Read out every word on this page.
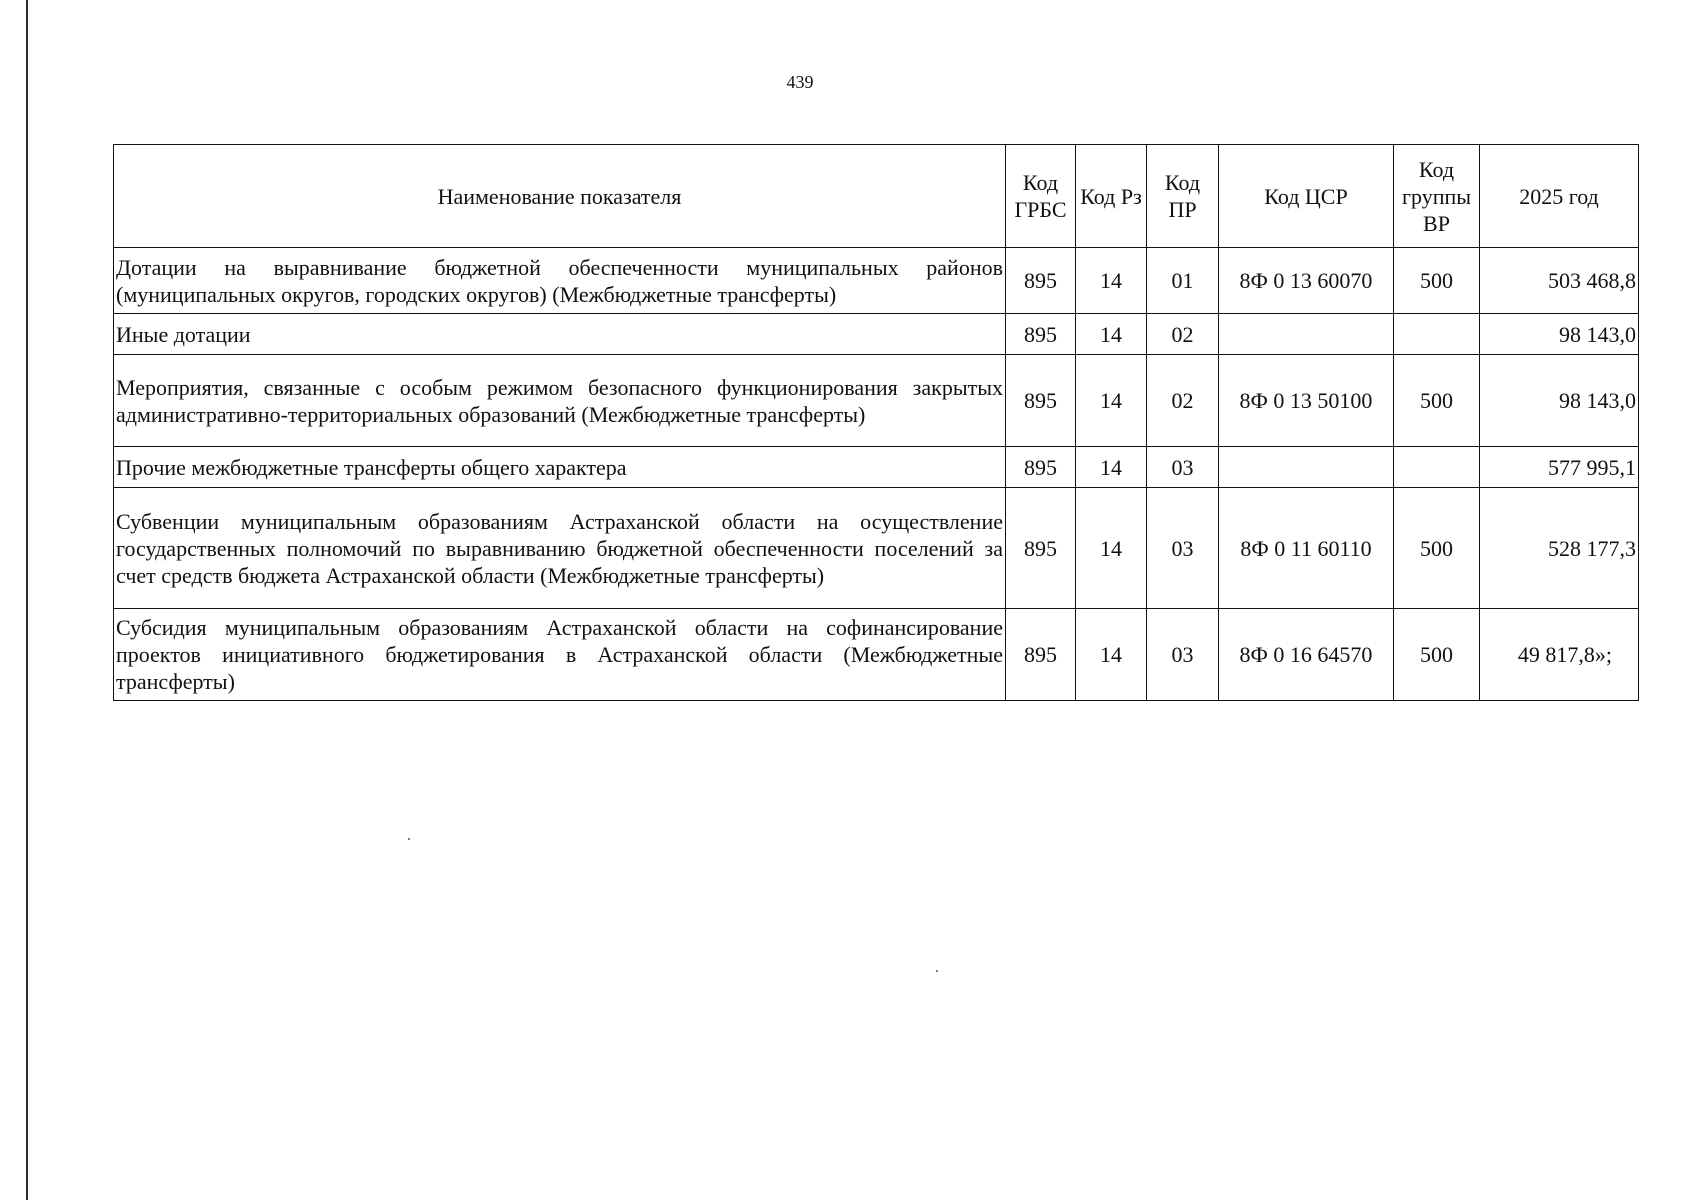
439
Наименование показателя	Код ГРБС	Код Рз	Код ПР	Код ЦСР	Код группы ВР	2025 год
Дотации на выравнивание бюджетной обеспеченности муниципальных районов (муниципальных округов, городских округов) (Межбюджетные трансферты)	895	14	01	8Ф 0 13 60070	500	503 468,8
Иные дотации	895	14	02			98 143,0
Мероприятия, связанные с особым режимом безопасного функционирования закрытых административно-территориальных образований (Межбюджетные трансферты)	895	14	02	8Ф 0 13 50100	500	98 143,0
Прочие межбюджетные трансферты общего характера	895	14	03			577 995,1
Субвенции муниципальным образованиям Астраханской области на осуществление государственных полномочий по выравниванию бюджетной обеспеченности поселений за счет средств бюджета Астраханской области (Межбюджетные трансферты)	895	14	03	8Ф 0 11 60110	500	528 177,3
Субсидия муниципальным образованиям Астраханской области на софинансирование проектов инициативного бюджетирования в Астраханской области (Межбюджетные трансферты)	895	14	03	8Ф 0 16 64570	500	49 817,8»;
